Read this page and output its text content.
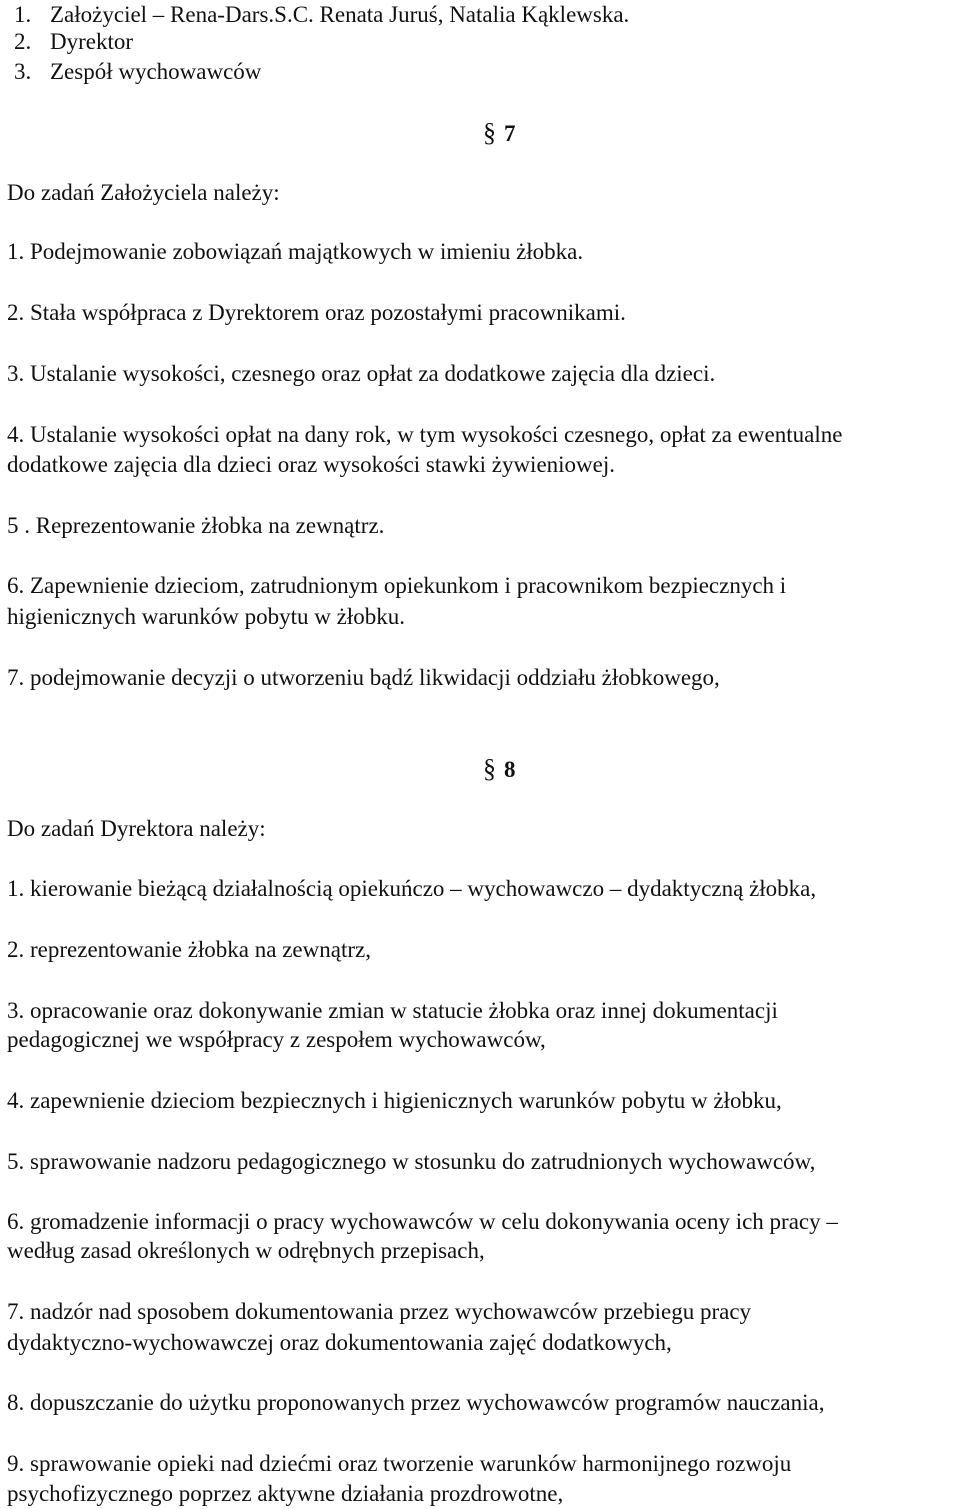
1. Założyciel – Rena-Dars.S.C. Renata Juruś, Natalia Kąklewska.
2. Dyrektor
3. Zespół wychowawców
§ 7
Do zadań Założyciela należy:
1. Podejmowanie zobowiązań majątkowych w imieniu żłobka.
2. Stała współpraca z Dyrektorem oraz pozostałymi pracownikami.
3. Ustalanie wysokości, czesnego oraz opłat za dodatkowe zajęcia dla dzieci.
4. Ustalanie wysokości opłat na dany rok, w tym wysokości czesnego, opłat za ewentualne
dodatkowe zajęcia dla dzieci oraz wysokości stawki żywieniowej.
5 . Reprezentowanie żłobka na zewnątrz.
6. Zapewnienie dzieciom, zatrudnionym opiekunkom i pracownikom bezpiecznych i
higienicznych warunków pobytu w żłobku.
7. podejmowanie decyzji o utworzeniu bądź likwidacji oddziału żłobkowego,
§ 8
Do zadań Dyrektora należy:
1. kierowanie bieżącą działalnością opiekuńczo – wychowawczo – dydaktyczną żłobka,
2. reprezentowanie żłobka na zewnątrz,
3. opracowanie oraz dokonywanie zmian w statucie żłobka oraz innej dokumentacji
pedagogicznej we współpracy z zespołem wychowawców,
4. zapewnienie dzieciom bezpiecznych i higienicznych warunków pobytu w żłobku,
5. sprawowanie nadzoru pedagogicznego w stosunku do zatrudnionych wychowawców,
6. gromadzenie informacji o pracy wychowawców w celu dokonywania oceny ich pracy –
według zasad określonych w odrębnych przepisach,
7. nadzór nad sposobem dokumentowania przez wychowawców przebiegu pracy
dydaktyczno-wychowawczej oraz dokumentowania zajęć dodatkowych,
8. dopuszczanie do użytku proponowanych przez wychowawców programów nauczania,
9. sprawowanie opieki nad dziećmi oraz tworzenie warunków harmonijnego rozwoju
psychofizycznego poprzez aktywne działania prozdrowotne,
